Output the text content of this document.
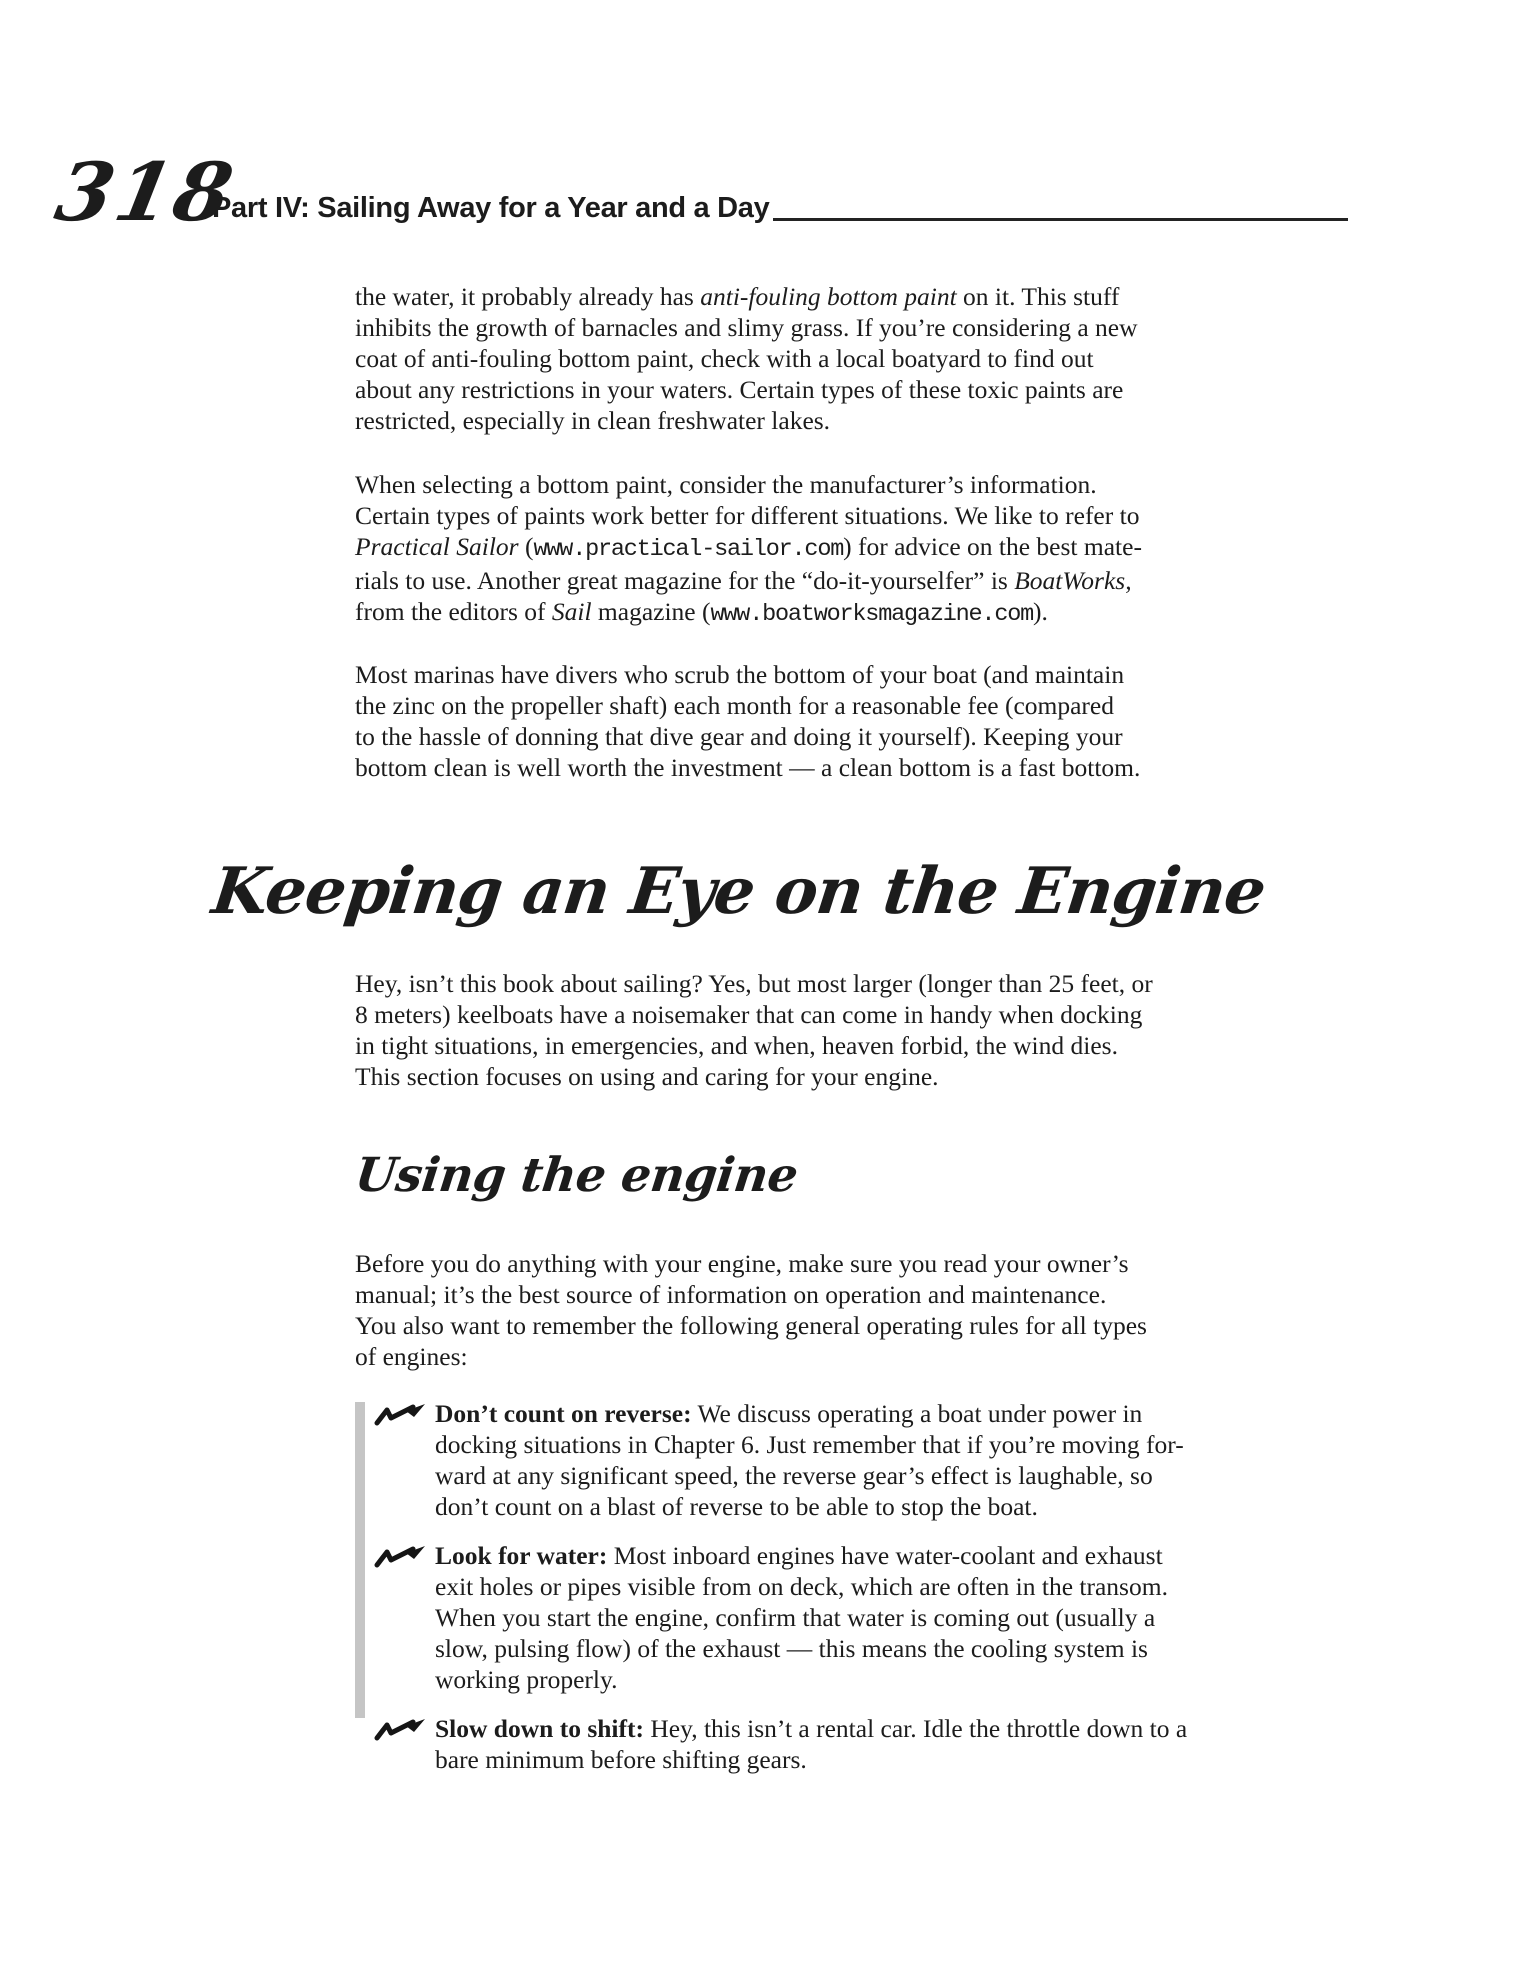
318
Part IV: Sailing Away for a Year and a Day
the water, it probably already has anti-fouling bottom paint on it. This stuff
inhibits the growth of barnacles and slimy grass. If you’re considering a new
coat of anti-fouling bottom paint, check with a local boatyard to find out
about any restrictions in your waters. Certain types of these toxic paints are
restricted, especially in clean freshwater lakes.
When selecting a bottom paint, consider the manufacturer’s information.
Certain types of paints work better for different situations. We like to refer to
Practical Sailor (www.practical-sailor.com) for advice on the best mate-
rials to use. Another great magazine for the “do-it-yourselfer” is BoatWorks,
from the editors of Sail magazine (www.boatworksmagazine.com).
Most marinas have divers who scrub the bottom of your boat (and maintain
the zinc on the propeller shaft) each month for a reasonable fee (compared
to the hassle of donning that dive gear and doing it yourself). Keeping your
bottom clean is well worth the investment — a clean bottom is a fast bottom.
Keeping an Eye on the Engine
Hey, isn’t this book about sailing? Yes, but most larger (longer than 25 feet, or
8 meters) keelboats have a noisemaker that can come in handy when docking
in tight situations, in emergencies, and when, heaven forbid, the wind dies.
This section focuses on using and caring for your engine.
Using the engine
Before you do anything with your engine, make sure you read your owner’s
manual; it’s the best source of information on operation and maintenance.
You also want to remember the following general operating rules for all types
of engines:
Don’t count on reverse: We discuss operating a boat under power in
docking situations in Chapter 6. Just remember that if you’re moving for-
ward at any significant speed, the reverse gear’s effect is laughable, so
don’t count on a blast of reverse to be able to stop the boat.
Look for water: Most inboard engines have water-coolant and exhaust
exit holes or pipes visible from on deck, which are often in the transom.
When you start the engine, confirm that water is coming out (usually a
slow, pulsing flow) of the exhaust — this means the cooling system is
working properly.
Slow down to shift: Hey, this isn’t a rental car. Idle the throttle down to a
bare minimum before shifting gears.
